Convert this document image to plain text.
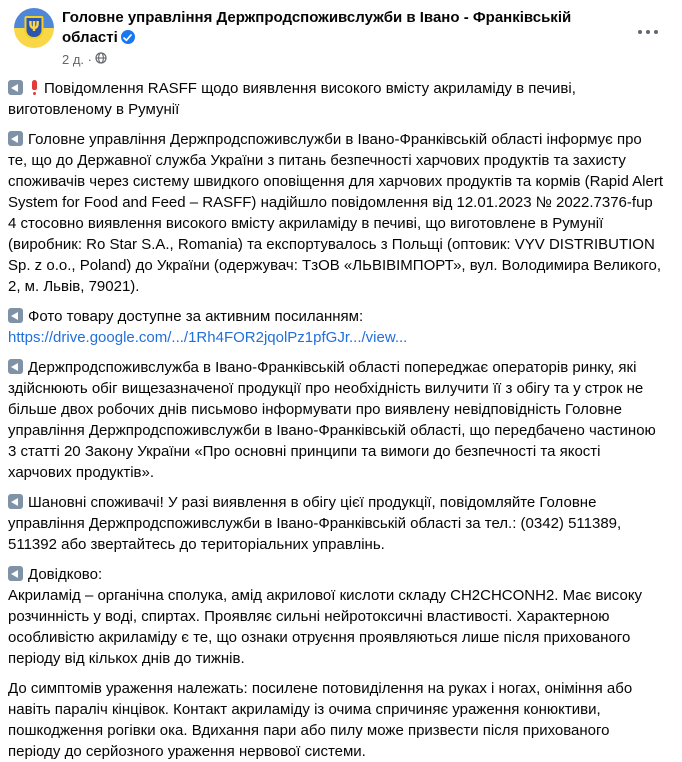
Ψ
Головне управління Держпродспоживслужби в Івано - Франківській області
2 д. ·

Повідомлення RASFF щодо виявлення високого вмісту акриламіду в печиві, виготовленому в Румунії

Головне управління Держпродспоживслужби в Івано-Франківській області інформує про те, що до Державної служба України з питань безпечності харчових продуктів та захисту споживачів через систему швидкого оповіщення для харчових продуктів та кормів (Rapid Alert System for Food and Feed – RASFF) надійшло повідомлення від 12.01.2023 № 2022.7376-fup 4 стосовно виявлення високого вмісту акриламіду в печиві, що виготовлене в Румунії (виробник: Ro Star S.A., Romania) та експортувалось з Польщі (оптовик: VYV DISTRIBUTION Sp. z o.o., Poland) до України (одержувач: ТзОВ «ЛЬВІВІМПОРТ», вул. Володимира Великого, 2, м. Львів, 79021).

Фото товару доступне за активним посиланням:
https://drive.google.com/.../1Rh4FOR2jqolPz1pfGJr.../view...

Держпродспоживслужба в Івано-Франківській області попереджає операторів ринку, які здійснюють обіг вищезазначеної продукції про необхідність вилучити її з обігу та у строк не більше двох робочих днів письмово інформувати про виявлену невідповідність Головне управління Держпродспоживслужби в Івано-Франківській області, що передбачено частиною 3 статті 20 Закону України «Про основні принципи та вимоги до безпечності та якості харчових продуктів».

Шановні споживачі! У разі виявлення в обігу цієї продукції, повідомляйте Головне управління Держпродспоживслужби в Івано-Франківській області за тел.: (0342) 511389, 511392 або звертайтесь до територіальних управлінь.

Довідково:
Акриламід – органічна сполука, амід акрилової кислоти складу CH2CHCONH2. Має високу розчинність у воді, спиртах. Проявляє сильні нейротоксичні властивості. Характерною особливістю акриламіду є те, що ознаки отруєння проявляються лише після прихованого періоду від кількох днів до тижнів.

До симптомів ураження належать: посилене потовиділення на руках і ногах, оніміння або навіть параліч кінцівок. Контакт акриламіду із очима спричиняє ураження конюктиви, пошкодження рогівки ока. Вдихання пари або пилу може призвести після прихованого періоду до серйозного ураження нервової системи.
